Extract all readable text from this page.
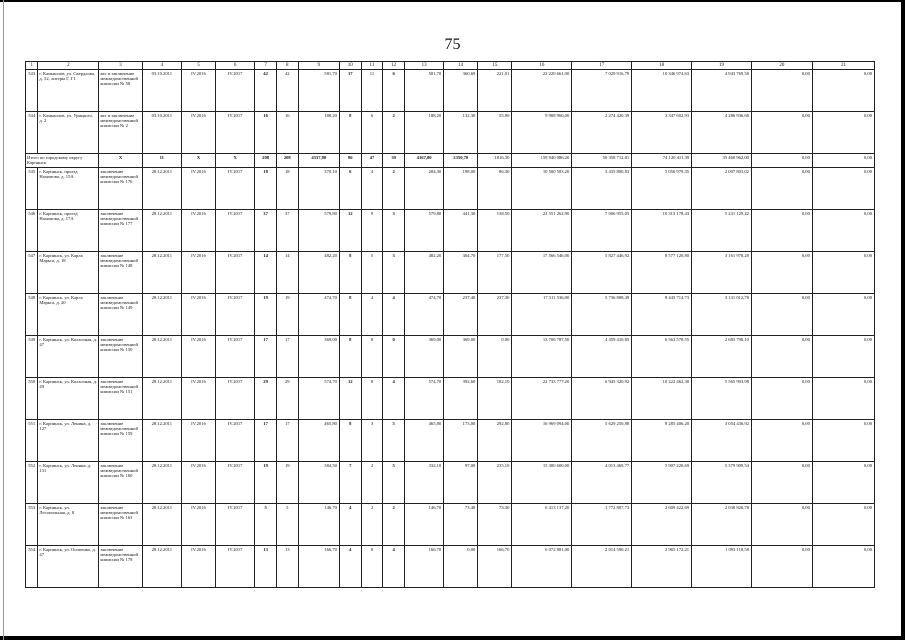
75
1	2	3	4	5	6	7	8	9	10	11	12	13	14	15	16	17	18	19	20	21
543	г. Камышлов, ул. Свердлова, д. 52, литеры Г, Г1	акт и заключение межведомственной комиссии № 58	03.10.2011	IV.2016	IV.2017	42	42	581,70	17	11	6	581,70	360,69	221,01	22 220 661,00	7 029 916,79	10 346 974,63	4 943 769,58	0,00	0,00
544	г. Камышлов, ул. Урицкого, д. 2	акт и заключение межведомственной комиссии № 2	03.10.2011	IV.2016	IV.2017	16	16	188,20	8	6	2	188,20	132,30	55,90	9 908 960,00	2 274 420,39	3 347 602,93	4 286 936,68	0,00	0,00
Итого по городскому округу Карпинск		X	11	X	X	208	208	4337,80	86	47	39	4167,00	2350,70	1816,30	159 940 086,20	50 358 712,81	74 120 411,39	35 460 962,00	0,00	0,00
545	г. Карпинск, проезд Нахимова, д. 15А	заключение межведомственной комиссии № 176	28.12.2011	IV.2016	IV.2017	18	18	370,10	6	4	2	284,30	198,00	86,30	10 500 583,20	3 435 800,83	5 056 979,35	2 007 803,02	0,00	0,00
546	г. Карпинск, проезд Нахимова, д. 17А	заключение межведомственной комиссии № 177	28.12.2011	IV.2016	IV.2017	37	37	579,80	12	9	3	579,80	441,30	138,50	22 551 262,90	7 006 955,05	10 313 178,43	5 231 129,42	0,00	0,00
547	г. Карпинск, ул. Карла Маркса, д. 18	заключение межведомственной комиссии № 148	28.12.2011	IV.2016	IV.2017	14	14	482,20	8	5	3	482,20	304,70	177,50	17 566 546,00	5 827 446,92	8 577 120,80	3 161 978,28	0,00	0,00
548	г. Карпинск, ул. Карла Маркса, д. 20	заключение межведомственной комиссии № 149	28.12.2011	IV.2016	IV.2017	19	19	474,70	8	4	4	474,70	237,40	237,30	17 311 536,00	5 736 808,49	8 443 714,73	3 131 012,78	0,00	0,00
549	г. Карпинск, ул. Колхозная, д. 47	заключение межведомственной комиссии № 150	28.12.2011	IV.2016	IV.2017	17	17	369,00	8	8	0	369,00	369,00	0,00	13 706 787,50	4 459 410,85	6 563 578,55	2 683 798,10	0,00	0,00
550	г. Карпинск, ул. Колхозная, д. 49	заключение межведомственной комиссии № 151	28.12.2011	IV.2016	IV.2017	29	29	574,70	12	8	4	574,70	392,60	182,10	22 733 777,20	6 945 320,92	10 222 462,30	5 565 993,98	0,00	0,00
551	г. Карпинск, ул. Ленина, д. 127	заключение межведомственной комиссии № 159	28.12.2011	IV.2016	IV.2017	17	17	465,80	8	3	5	465,80	173,00	292,80	16 969 094,00	5 629 250,88	8 285 406,20	3 054 436,92	0,00	0,00
552	г. Карпинск, ул. Ленина, д. 131	заключение межведомственной комиссии № 160	28.12.2011	IV.2016	IV.2017	19	19	384,50	7	2	5	332,10	97,00	235,10	15 300 600,00	4 013 469,77	5 907 220,69	5 379 909,54	0,00	0,00
553	г. Карпинск, ул. Лесопильная, д. 8	заключение межведомственной комиссии № 163	28.12.2011	IV.2016	IV.2017	5	5	146,70	4	2	2	146,70	73,40	73,30	6 413 137,20	1 772 887,73	2 609 422,69	2 030 826,78	0,00	0,00
554	г. Карпинск, ул. Осипенко, д. 47	заключение межведомственной комиссии № 178	28.12.2011	IV.2016	IV.2017	13	13	166,70	4	0	4	166,70	0,00	166,70	6 072 881,00	2 014 590,21	2 965 172,21	1 093 118,58	0,00	0,00
